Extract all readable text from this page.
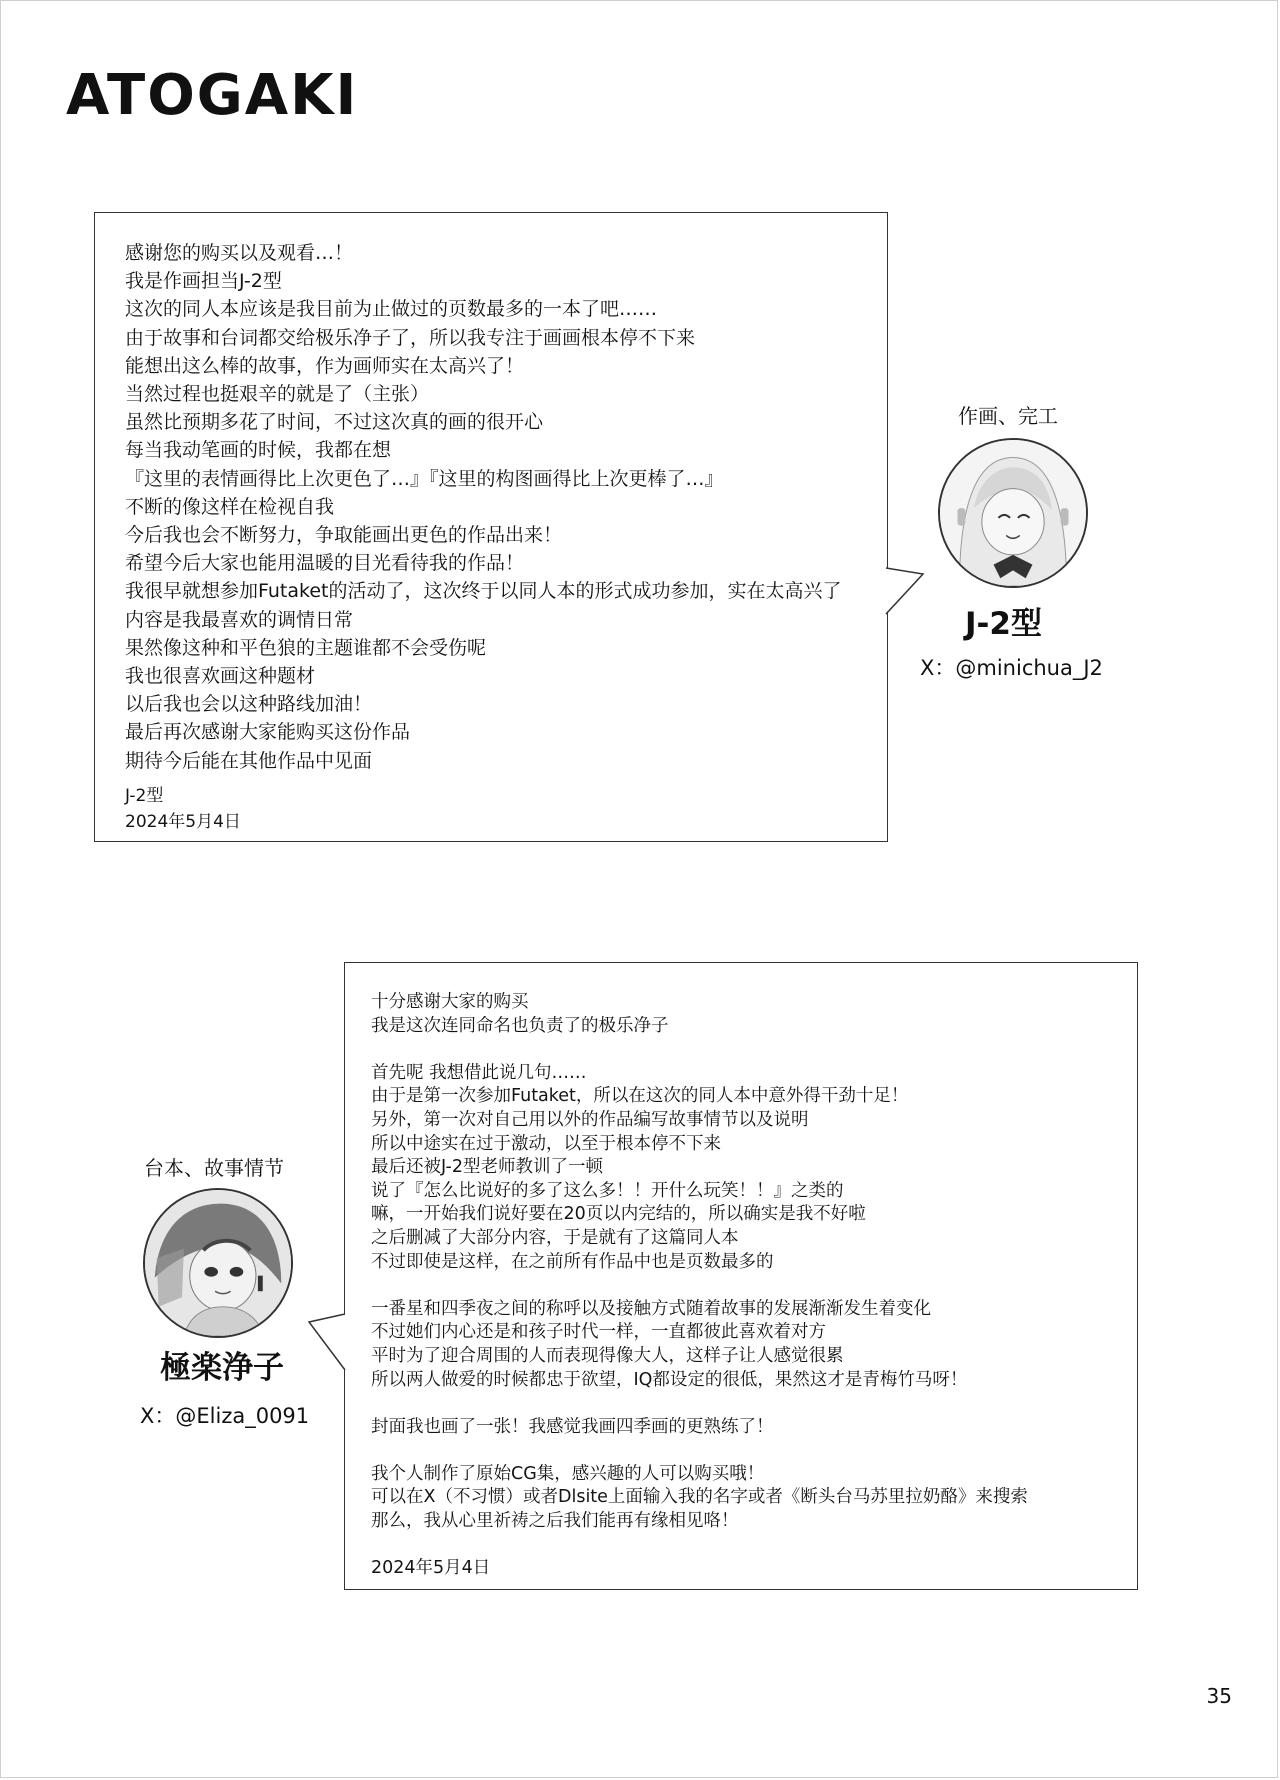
ATOGAKI
感谢您的购买以及观看…！
我是作画担当J-2型
这次的同人本应该是我目前为止做过的页数最多的一本了吧……
由于故事和台词都交给极乐净子了，所以我专注于画画根本停不下来
能想出这么棒的故事，作为画师实在太高兴了！
当然过程也挺艰辛的就是了（主张）
虽然比预期多花了时间，不过这次真的画的很开心
每当我动笔画的时候，我都在想
『这里的表情画得比上次更色了…』『这里的构图画得比上次更棒了…』
不断的像这样在检视自我
今后我也会不断努力，争取能画出更色的作品出来！
希望今后大家也能用温暖的目光看待我的作品！
我很早就想参加Futaket的活动了，这次终于以同人本的形式成功参加，实在太高兴了
内容是我最喜欢的调情日常
果然像这种和平色狼的主题谁都不会受伤呢
我也很喜欢画这种题材
以后我也会以这种路线加油！
最后再次感谢大家能购买这份作品
期待今后能在其他作品中见面
J-2型
2024年5月4日
作画、完工
J-2型
X：@minichua_J2
十分感谢大家的购买
我是这次连同命名也负责了的极乐净子
首先呢 我想借此说几句……
由于是第一次参加Futaket，所以在这次的同人本中意外得干劲十足！
另外，第一次对自己用以外的作品编写故事情节以及说明
所以中途实在过于激动，以至于根本停不下来
最后还被J-2型老师教训了一顿
说了『怎么比说好的多了这么多！！开什么玩笑！！』之类的
嘛，一开始我们说好要在20页以内完结的，所以确实是我不好啦
之后删减了大部分内容，于是就有了这篇同人本
不过即使是这样，在之前所有作品中也是页数最多的
一番星和四季夜之间的称呼以及接触方式随着故事的发展渐渐发生着变化
不过她们内心还是和孩子时代一样，一直都彼此喜欢着对方
平时为了迎合周围的人而表现得像大人，这样子让人感觉很累
所以两人做爱的时候都忠于欲望，IQ都设定的很低，果然这才是青梅竹马呀！
封面我也画了一张！我感觉我画四季画的更熟练了！
我个人制作了原始CG集，感兴趣的人可以购买哦！
可以在X（不习惯）或者Dlsite上面输入我的名字或者《断头台马苏里拉奶酪》来搜索
那么，我从心里祈祷之后我们能再有缘相见咯！
2024年5月4日
台本、故事情节
極楽浄子
X：@Eliza_0091
35
